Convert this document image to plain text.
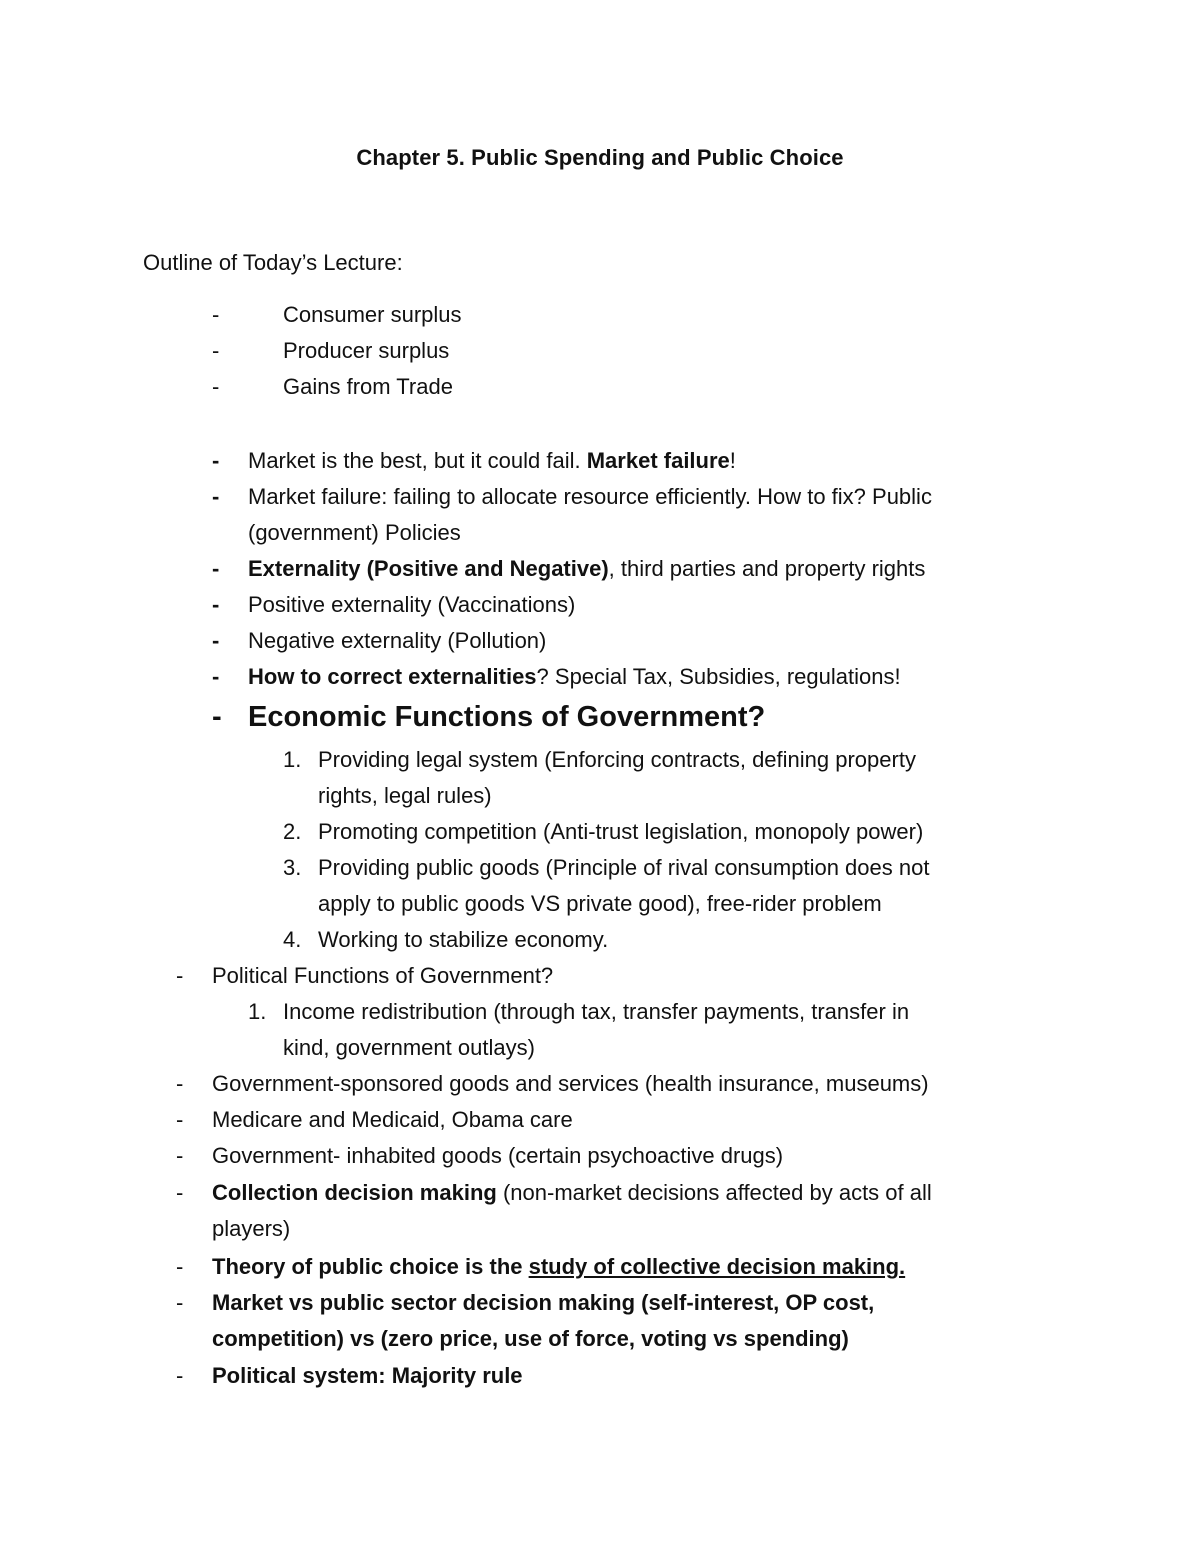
Chapter 5. Public Spending and Public Choice
Outline of Today’s Lecture:
-	Consumer surplus
-	Producer surplus
-	Gains from Trade
- Market is the best, but it could fail. Market failure!
- Market failure: failing to allocate resource efficiently. How to fix? Public
(government) Policies
- Externality (Positive and Negative), third parties and property rights
- Positive externality (Vaccinations)
- Negative externality (Pollution)
- How to correct externalities? Special Tax, Subsidies, regulations!
- Economic Functions of Government?
1. Providing legal system (Enforcing contracts, defining property
rights, legal rules)
2. Promoting competition (Anti-trust legislation, monopoly power)
3. Providing public goods (Principle of rival consumption does not
apply to public goods VS private good), free-rider problem
4. Working to stabilize economy.
- Political Functions of Government?
1. Income redistribution (through tax, transfer payments, transfer in
kind, government outlays)
- Government-sponsored goods and services (health insurance, museums)
- Medicare and Medicaid, Obama care
- Government- inhabited goods (certain psychoactive drugs)
- Collection decision making (non-market decisions affected by acts of all
players)
- Theory of public choice is the study of collective decision making.
- Market vs public sector decision making (self-interest, OP cost,
competition) vs (zero price, use of force, voting vs spending)
- Political system: Majority rule
